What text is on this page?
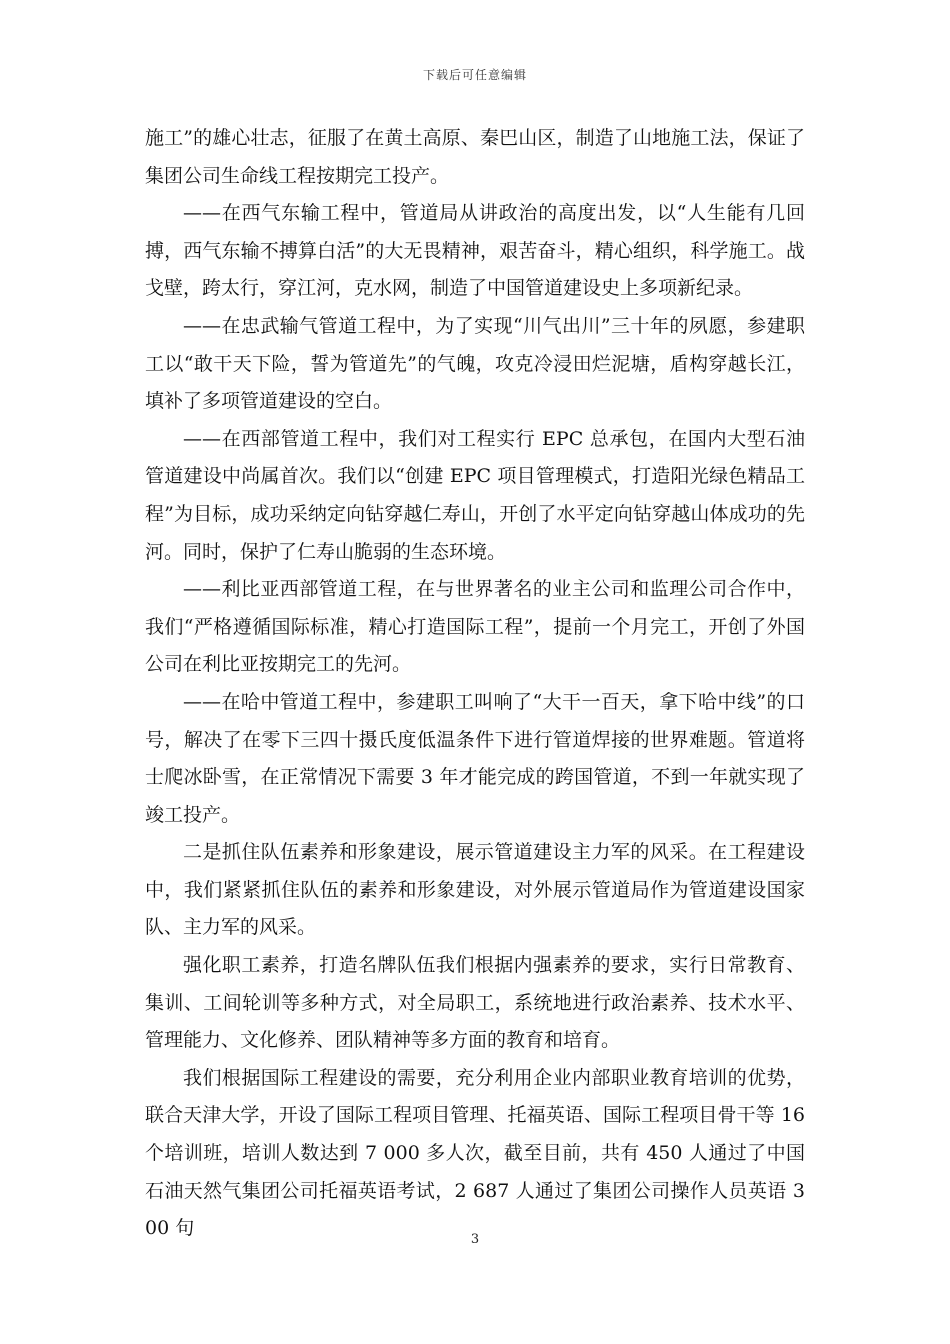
下载后可任意编辑

施工”的雄心壮志，征服了在黄土高原、秦巴山区，制造了山地施工法，保证了集团公司生命线工程按期完工投产。

——在西气东输工程中，管道局从讲政治的高度出发，以“人生能有几回搏，西气东输不搏算白活”的大无畏精神，艰苦奋斗，精心组织，科学施工。战戈壁，跨太行，穿江河，克水网，制造了中国管道建设史上多项新纪录。

——在忠武输气管道工程中，为了实现“川气出川”三十年的夙愿，参建职工以“敢干天下险，誓为管道先”的气魄，攻克冷浸田烂泥塘，盾构穿越长江，填补了多项管道建设的空白。

——在西部管道工程中，我们对工程实行 EPC 总承包，在国内大型石油管道建设中尚属首次。我们以“创建 EPC 项目管理模式，打造阳光绿色精品工程”为目标，成功采纳定向钻穿越仁寿山，开创了水平定向钻穿越山体成功的先河。同时，保护了仁寿山脆弱的生态环境。

——利比亚西部管道工程，在与世界著名的业主公司和监理公司合作中，我们“严格遵循国际标准，精心打造国际工程”，提前一个月完工，开创了外国公司在利比亚按期完工的先河。

——在哈中管道工程中，参建职工叫响了“大干一百天，拿下哈中线”的口号，解决了在零下三四十摄氏度低温条件下进行管道焊接的世界难题。管道将士爬冰卧雪，在正常情况下需要 3 年才能完成的跨国管道，不到一年就实现了竣工投产。

二是抓住队伍素养和形象建设，展示管道建设主力军的风采。在工程建设中，我们紧紧抓住队伍的素养和形象建设，对外展示管道局作为管道建设国家队、主力军的风采。

强化职工素养，打造名牌队伍我们根据内强素养的要求，实行日常教育、集训、工间轮训等多种方式，对全局职工，系统地进行政治素养、技术水平、管理能力、文化修养、团队精神等多方面的教育和培育。

我们根据国际工程建设的需要，充分利用企业内部职业教育培训的优势，联合天津大学，开设了国际工程项目管理、托福英语、国际工程项目骨干等 16 个培训班，培训人数达到 7 000 多人次，截至目前，共有 450 人通过了中国石油天然气集团公司托福英语考试，2 687 人通过了集团公司操作人员英语 300 句

3
